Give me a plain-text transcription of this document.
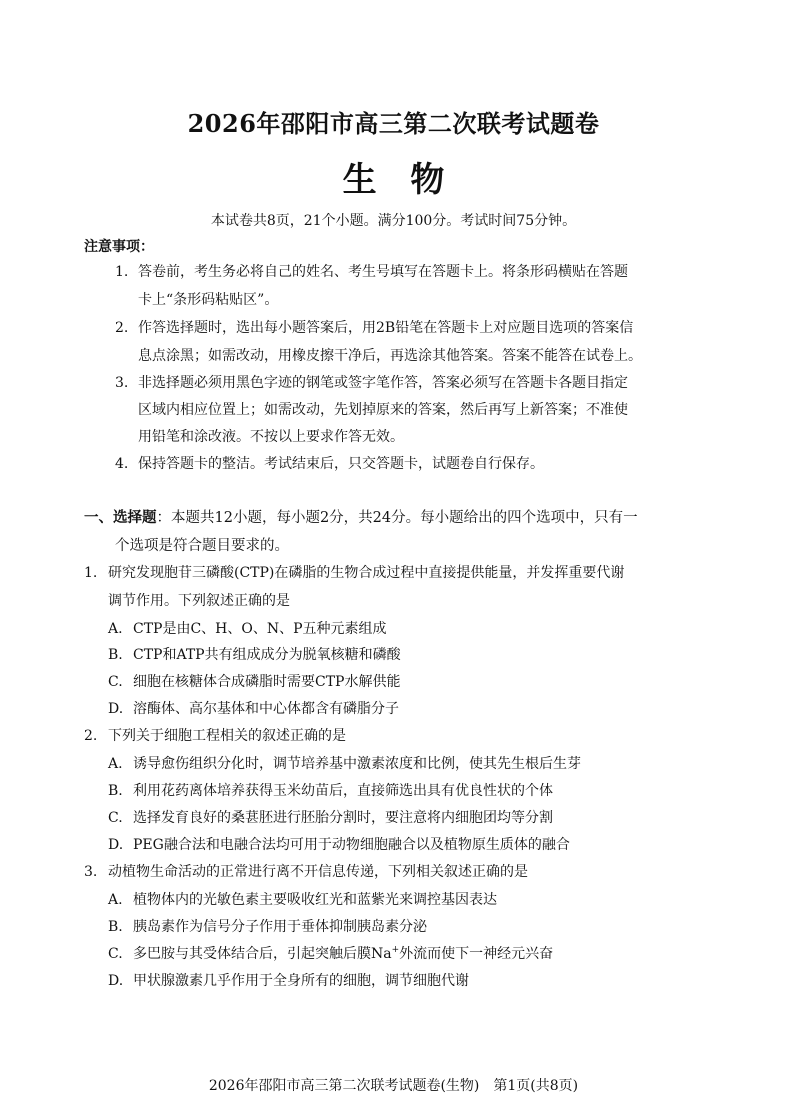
2026年邵阳市高三第二次联考试题卷
生 物
本试卷共8页，21个小题。满分100分。考试时间75分钟。
注意事项：
1. 答卷前，考生务必将自己的姓名、考生号填写在答题卡上。将条形码横贴在答题
卡上“条形码粘贴区”。
2. 作答选择题时，选出每小题答案后，用2B铅笔在答题卡上对应题目选项的答案信
息点涂黑；如需改动，用橡皮擦干净后，再选涂其他答案。答案不能答在试卷上。
3. 非选择题必须用黑色字迹的钢笔或签字笔作答，答案必须写在答题卡各题目指定
区域内相应位置上；如需改动，先划掉原来的答案，然后再写上新答案；不准使
用铅笔和涂改液。不按以上要求作答无效。
4. 保持答题卡的整洁。考试结束后，只交答题卡，试题卷自行保存。
一、选择题：本题共12小题，每小题2分，共24分。每小题给出的四个选项中，只有一
个选项是符合题目要求的。
1. 研究发现胞苷三磷酸(CTP)在磷脂的生物合成过程中直接提供能量，并发挥重要代谢
调节作用。下列叙述正确的是
A. CTP是由C、H、O、N、P五种元素组成
B. CTP和ATP共有组成成分为脱氧核糖和磷酸
C. 细胞在核糖体合成磷脂时需要CTP水解供能
D. 溶酶体、高尔基体和中心体都含有磷脂分子
2. 下列关于细胞工程相关的叙述正确的是
A. 诱导愈伤组织分化时，调节培养基中激素浓度和比例，使其先生根后生芽
B. 利用花药离体培养获得玉米幼苗后，直接筛选出具有优良性状的个体
C. 选择发育良好的桑葚胚进行胚胎分割时，要注意将内细胞团均等分割
D. PEG融合法和电融合法均可用于动物细胞融合以及植物原生质体的融合
3. 动植物生命活动的正常进行离不开信息传递，下列相关叙述正确的是
A. 植物体内的光敏色素主要吸收红光和蓝紫光来调控基因表达
B. 胰岛素作为信号分子作用于垂体抑制胰岛素分泌
C. 多巴胺与其受体结合后，引起突触后膜Na+外流而使下一神经元兴奋
D. 甲状腺激素几乎作用于全身所有的细胞，调节细胞代谢
2026年邵阳市高三第二次联考试题卷(生物)　第1页(共8页)
